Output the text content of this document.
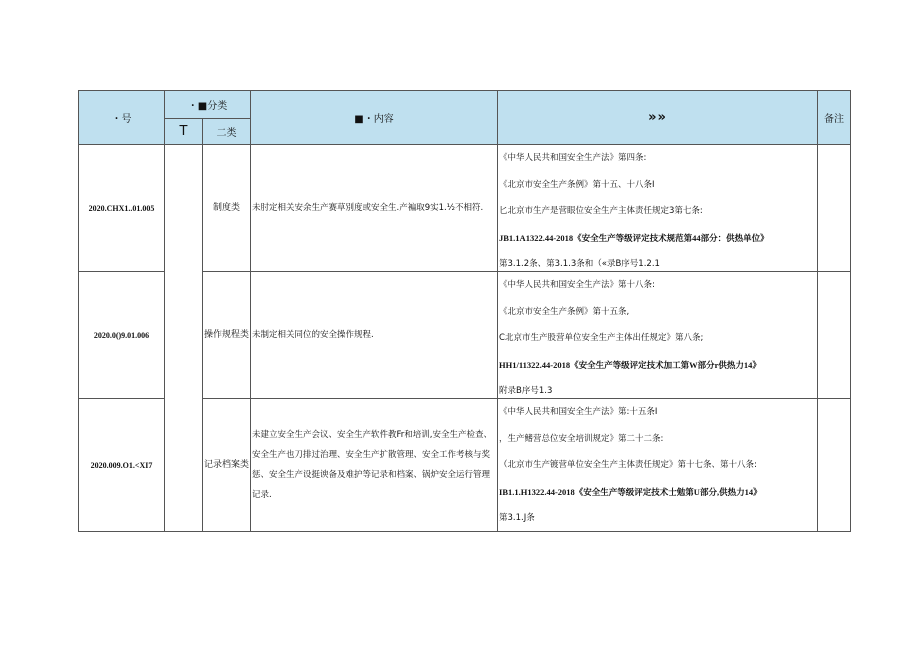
・号	・■分类		■・内容	»»	备注
	T	二类			
2020.CHX1..01.005		制度类	未肘定相关安余生产赛草別度或安全生.产褊取9实1.½不相符.	《中华人民共和国安全生产法》第四条:
《北京市安全生产条例》第十五、十八条I
匕北京市生产是营眼位安全生产主体责任规定3第七条:
JB1.1A1322.44-2018《安全生产等级评定技术规范第44部分：供热单位》
第3.1.2条、第3.1.3条和（«录B序号1.2.1	

2020.0()9.01.006		操作规程类	未制定相关同位的安全操作规程.	《中华人民共和国安全生产法》第十八条:
《北京市安全生产条例》第十五条,
C北京市生产股营单位安全生产主体出任规定》第八条;
HH1/11322.44-2018《安全生产等级评定技术加工第W部分r供热力14》
附录B序号1.3	

2020.009.O1.<XI7		记录档案类	未建立安全生产会议、安全生产软件教Fr和培训,安全生产检查、安全生产也刀排过治理、安全生产扩散管理、安全工作考核与奖惩、安全生产设挺谀备及难护等记录和档案、锅炉安全运行管理记录.	《中华人民共和国安全生产法》第:十五条I
，生产鳍营总位安全培训规定》第二十二条:
（北京市生产镀营单位安全生产主体责任规定》第十七条、第十八条:
IB1.1.H1322.44-2018《安全生产等级评定技术士勉第U部分,供热力14》
第3.1.J条	
